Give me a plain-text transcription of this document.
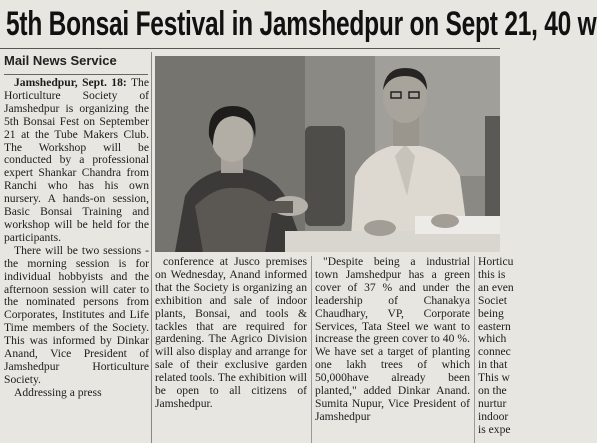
5th Bonsai Festival in Jamshedpur on Sept 21, 40 w
Mail News Service

Jamshedpur, Sept. 18: The Horticulture Society of Jamshedpur is organizing the 5th Bonsai Fest on September 21 at the Tube Makers Club. The Workshop will be conducted by a professional expert Shankar Chandra from Ranchi who has his own nursery. A hands-on session, Basic Bonsai Training and workshop will be held for the participants.

There will be two sessions - the morning session is for individual hobbyists and the afternoon session will cater to the nominated persons from Corporates, Institutes and Life Time members of the Society. This was informed by Dinkar Anand, Vice President of Jamshedpur Horticulture Society.

Addressing a press

conference at Jusco premises on Wednesday, Anand informed that the Society is organizing an exhibition and sale of indoor plants, Bonsai, and tools & tackles that are required for gardening. The Agrico Division will also display and arrange for sale of their exclusive garden related tools. The exhibition will be open to all citizens of Jamshedpur.

"Despite being a industrial town Jamshedpur has a green cover of 37 % and under the leadership of Chanakya Chaudhary, VP, Corporate Services, Tata Steel we want to increase the green cover to 40 %. We have set a target of planting one lakh trees of which 50,000have already been planted," added Dinkar Anand. Sumita Nupur, Vice President of Jamshedpur

Horticu
this is
an even
Societ
being
eastern
which
connec
in that
This w
on the
nurtur
indoor
is expe
